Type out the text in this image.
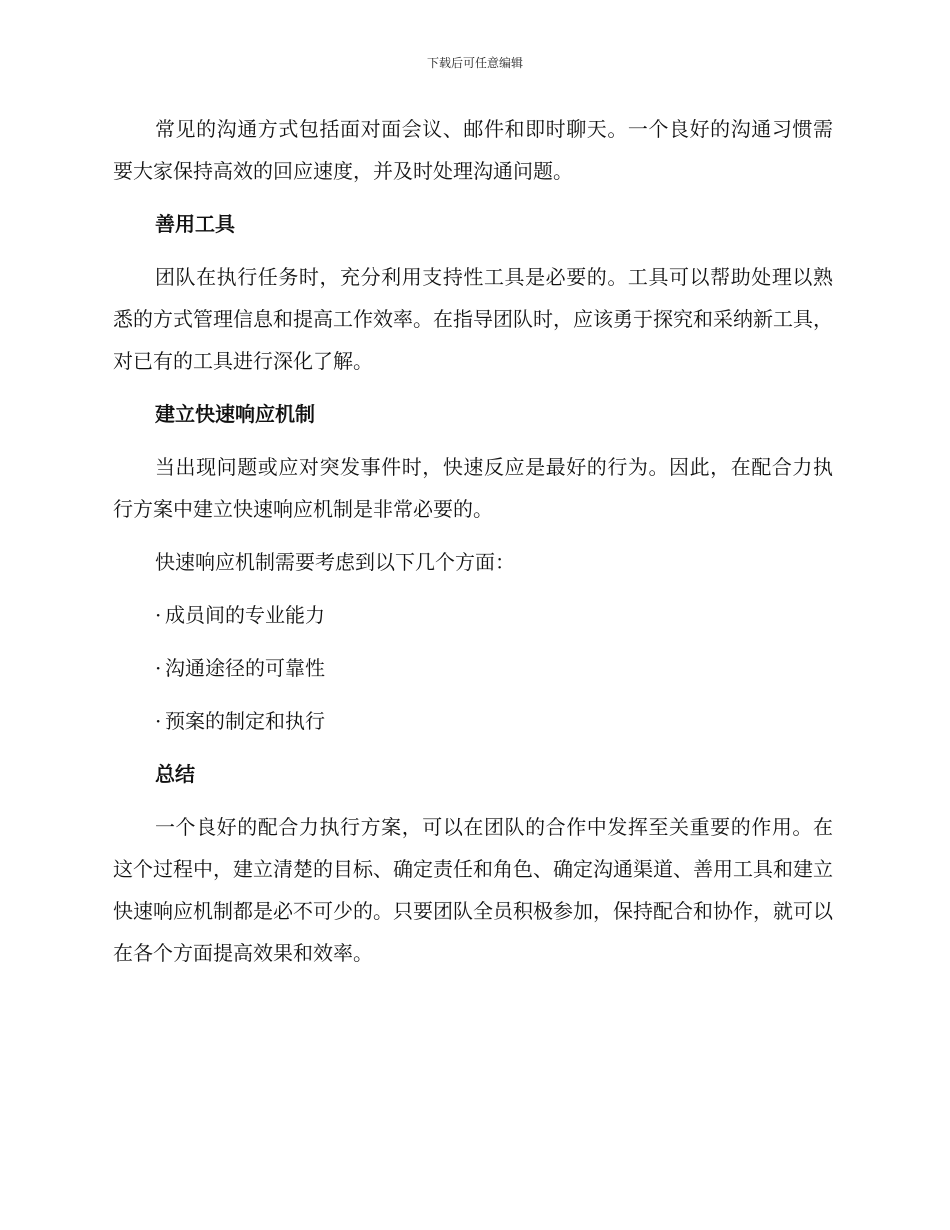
下载后可任意编辑

常见的沟通方式包括面对面会议、邮件和即时聊天。一个良好的沟通习惯需要大家保持高效的回应速度，并及时处理沟通问题。

善用工具

团队在执行任务时，充分利用支持性工具是必要的。工具可以帮助处理以熟悉的方式管理信息和提高工作效率。在指导团队时，应该勇于探究和采纳新工具，对已有的工具进行深化了解。

建立快速响应机制

当出现问题或应对突发事件时，快速反应是最好的行为。因此，在配合力执行方案中建立快速响应机制是非常必要的。

快速响应机制需要考虑到以下几个方面：

· 成员间的专业能力
· 沟通途径的可靠性
· 预案的制定和执行
总结

一个良好的配合力执行方案，可以在团队的合作中发挥至关重要的作用。在这个过程中，建立清楚的目标、确定责任和角色、确定沟通渠道、善用工具和建立快速响应机制都是必不可少的。只要团队全员积极参加，保持配合和协作，就可以在各个方面提高效果和效率。
